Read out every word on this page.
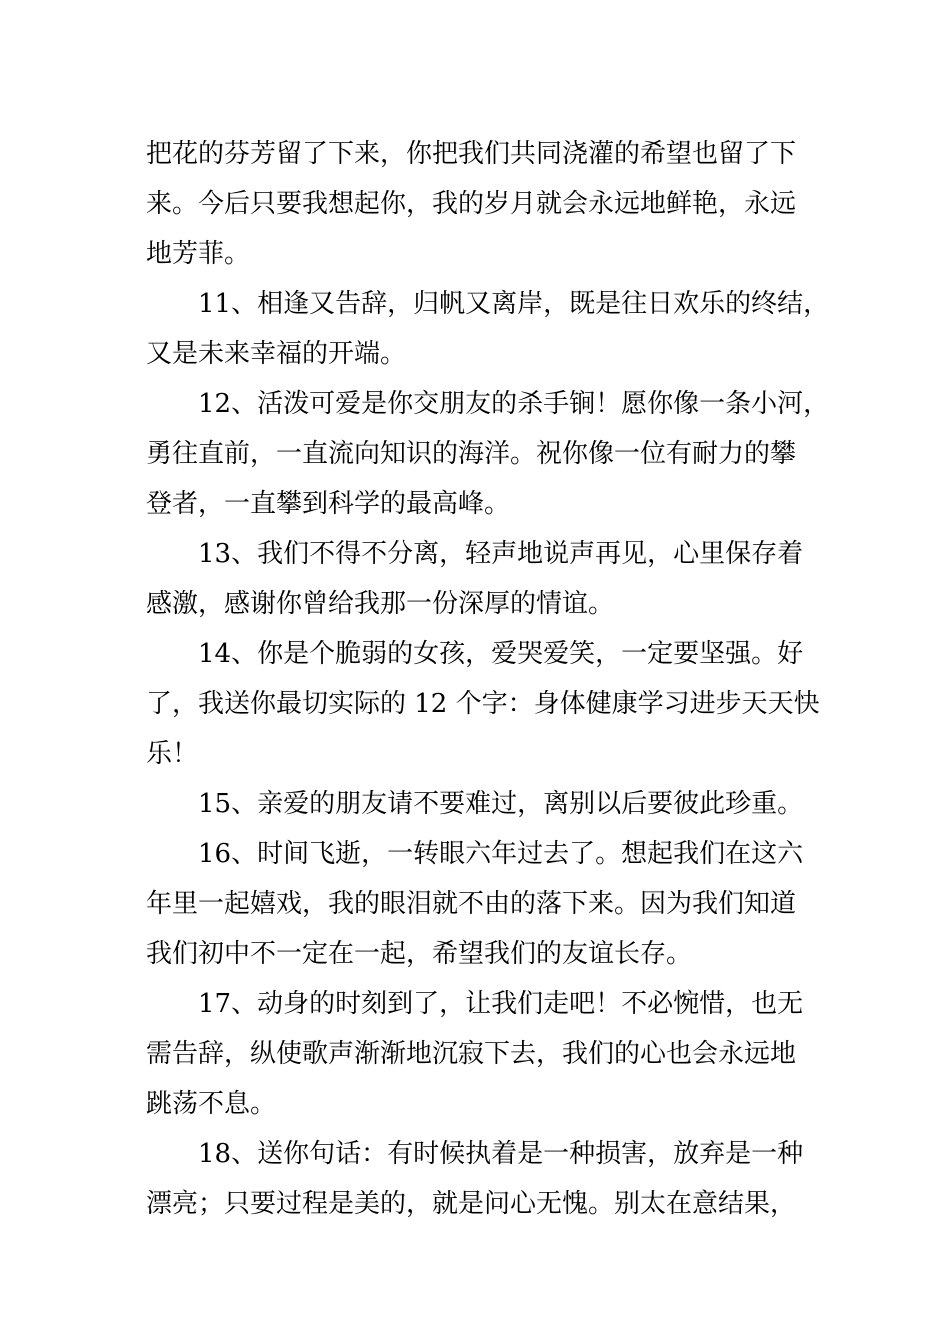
把花的芬芳留了下来，你把我们共同浇灌的希望也留了下
来。今后只要我想起你，我的岁月就会永远地鲜艳，永远
地芳菲。
11、相逢又告辞，归帆又离岸，既是往日欢乐的终结，
又是未来幸福的开端。
12、活泼可爱是你交朋友的杀手锏！愿你像一条小河，
勇往直前，一直流向知识的海洋。祝你像一位有耐力的攀
登者，一直攀到科学的最高峰。
13、我们不得不分离，轻声地说声再见，心里保存着
感激，感谢你曾给我那一份深厚的情谊。
14、你是个脆弱的女孩，爱哭爱笑，一定要坚强。好
了，我送你最切实际的 12 个字：身体健康学习进步天天快
乐！
15、亲爱的朋友请不要难过，离别以后要彼此珍重。
16、时间飞逝，一转眼六年过去了。想起我们在这六
年里一起嬉戏，我的眼泪就不由的落下来。因为我们知道
我们初中不一定在一起，希望我们的友谊长存。
17、动身的时刻到了，让我们走吧！不必惋惜，也无
需告辞，纵使歌声渐渐地沉寂下去，我们的心也会永远地
跳荡不息。
18、送你句话：有时候执着是一种损害，放弃是一种
漂亮；只要过程是美的，就是问心无愧。别太在意结果，
